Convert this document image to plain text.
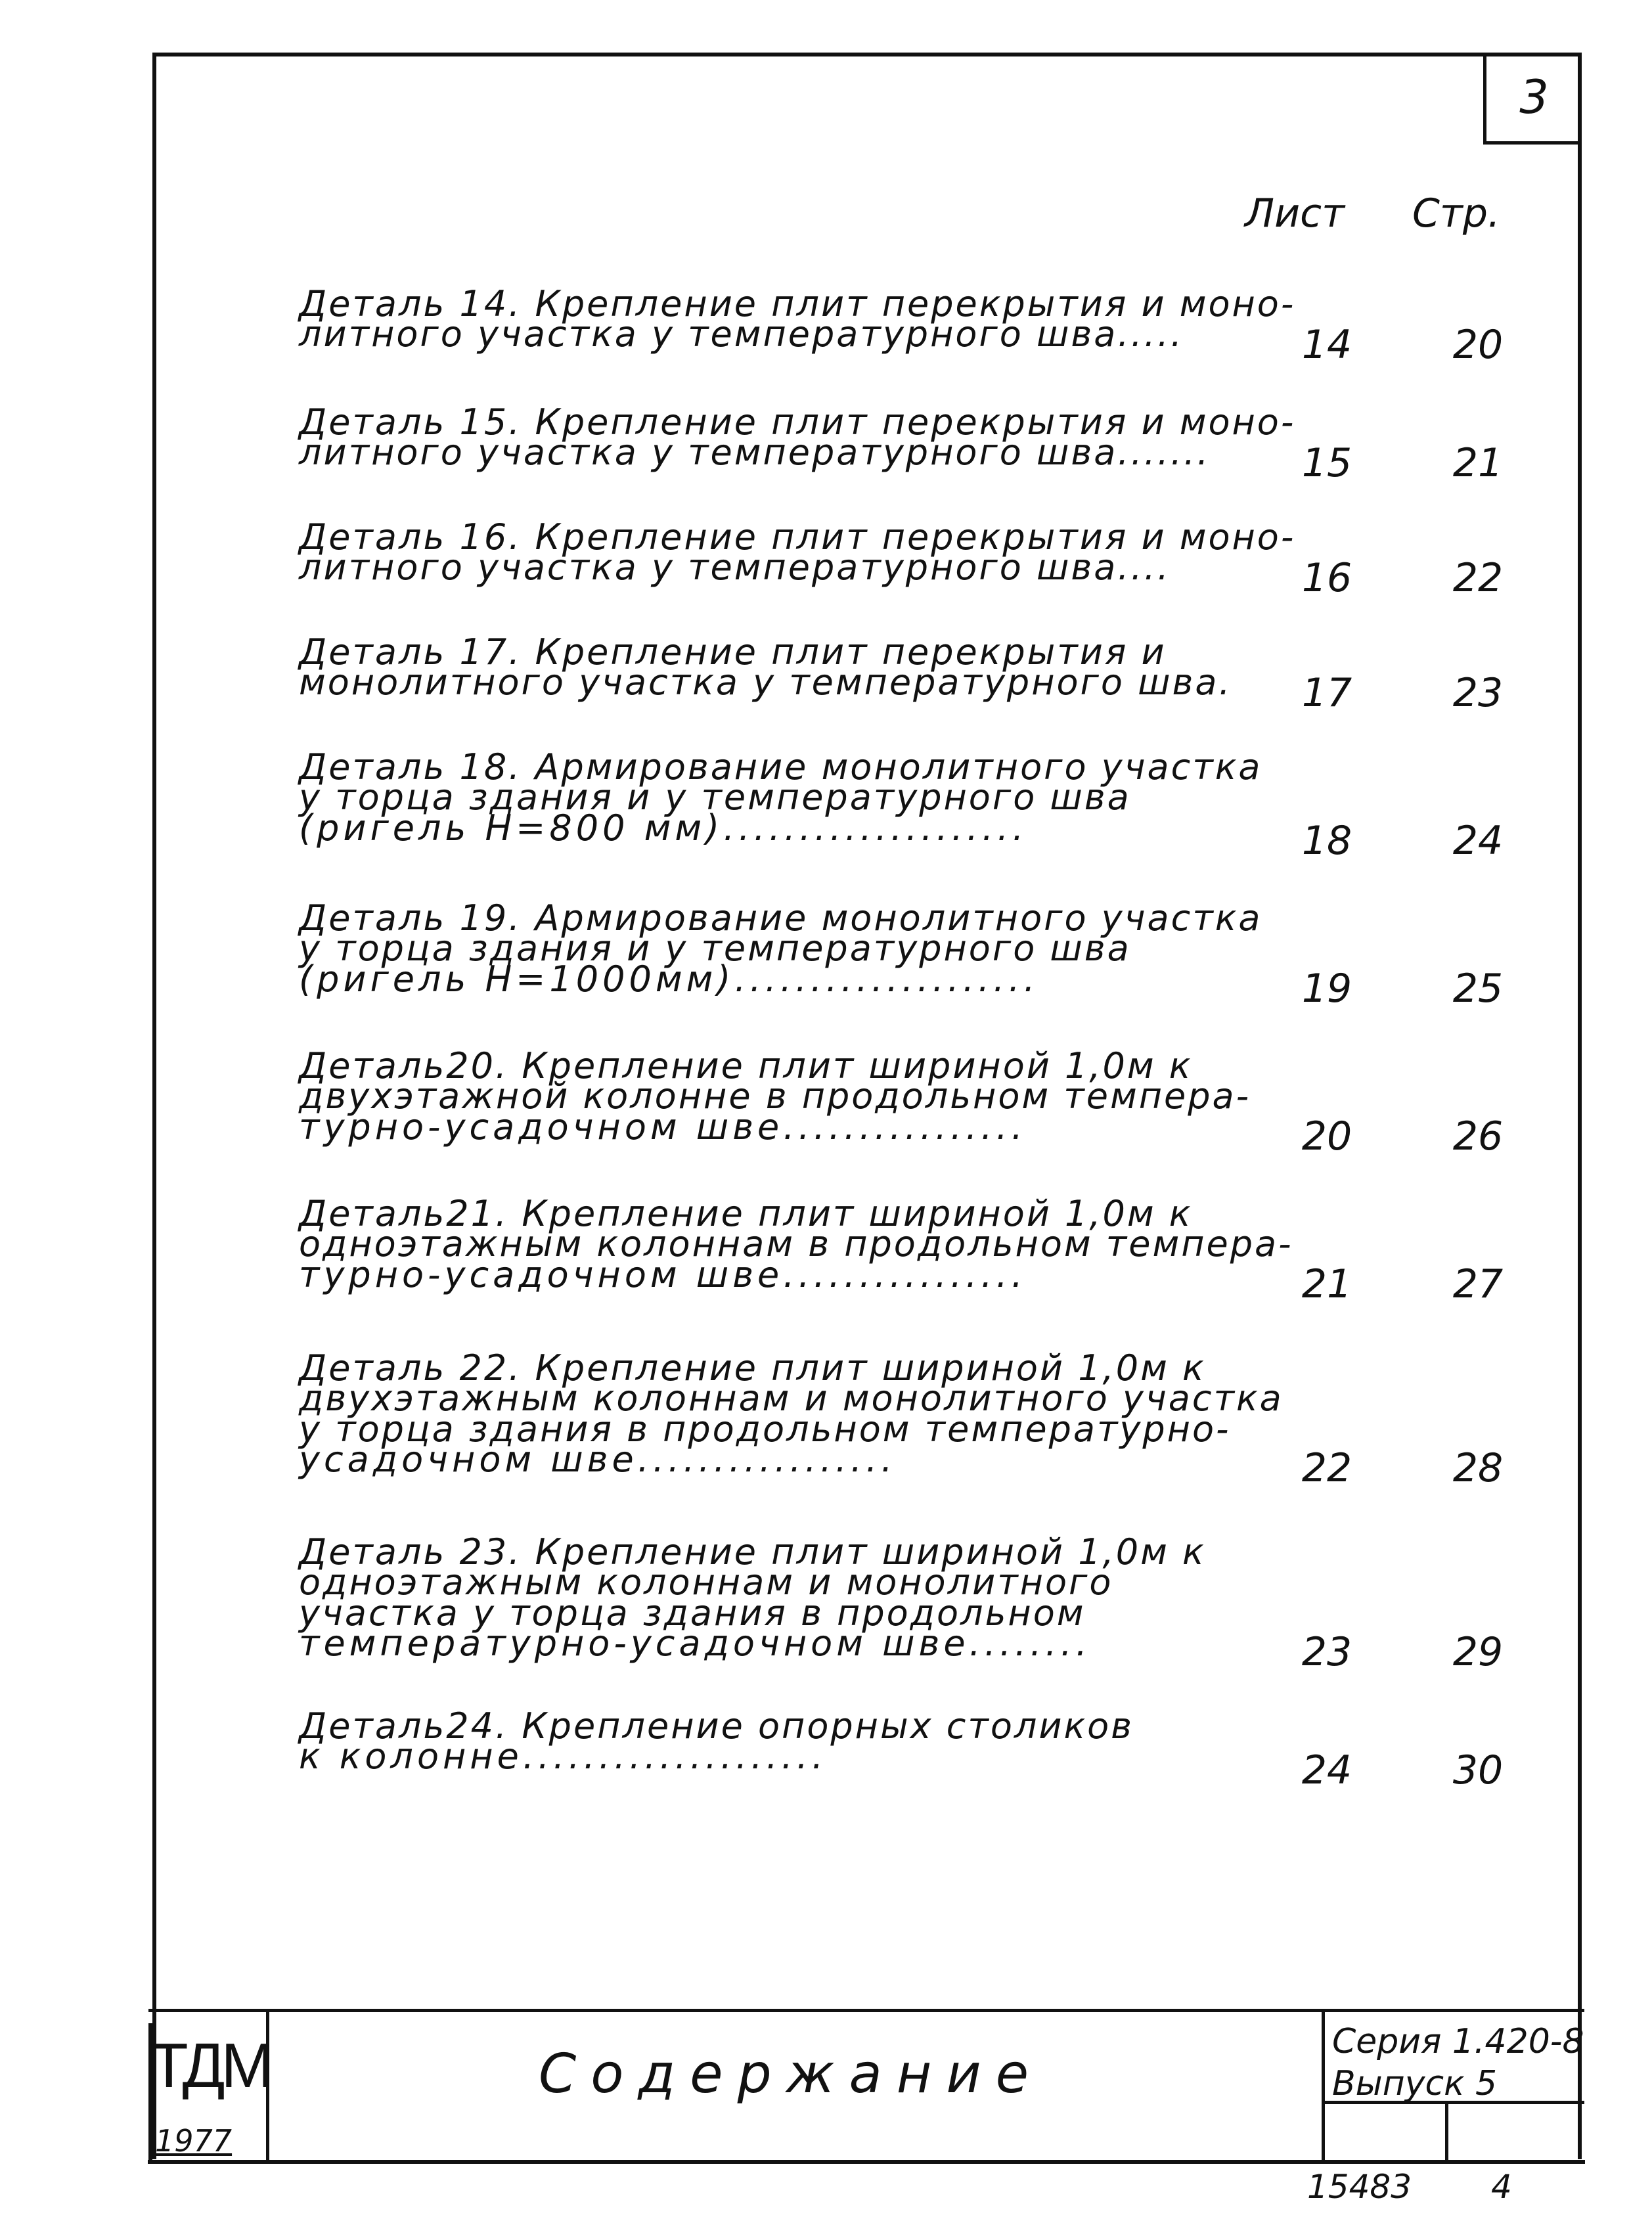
3
Лист Стр.
Деталь 14. Крепление плит перекрытия и моно-
литного участка у температурного шва.....	14	20
Деталь 15. Крепление плит перекрытия и моно-
литного участка у температурного шва.......	15	21
Деталь 16. Крепление плит перекрытия и моно-
литного участка у температурного шва....	16	22
Деталь 17. Крепление плит перекрытия и
монолитного участка у температурного шва.	17	23
Деталь 18. Армирование монолитного участка
у торца здания и у температурного шва
(ригель Н=800 мм)....................	18	24
Деталь 19. Армирование монолитного участка
у торца здания и у температурного шва
(ригель Н=1000мм)....................	19	25
Деталь20. Крепление плит шириной 1,0м к
двухэтажной колонне в продольном темпера-
турно-усадочном шве................	20	26
Деталь21. Крепление плит шириной 1,0м к
одноэтажным колоннам в продольном темпера-
турно-усадочном шве................	21	27
Деталь 22. Крепление плит шириной 1,0м к
двухэтажным колоннам и монолитного участка
у торца здания в продольном температурно-
усадочном шве.................	22	28
Деталь 23. Крепление плит шириной 1,0м к
одноэтажным колоннам и монолитного
участка у торца здания в продольном
температурно-усадочном шве........	23	29
Деталь24. Крепление опорных столиков
к колонне....................	24	30
ТДМ
1977
Содержание
Серия 1.420-8
Выпуск 5
15483 4
